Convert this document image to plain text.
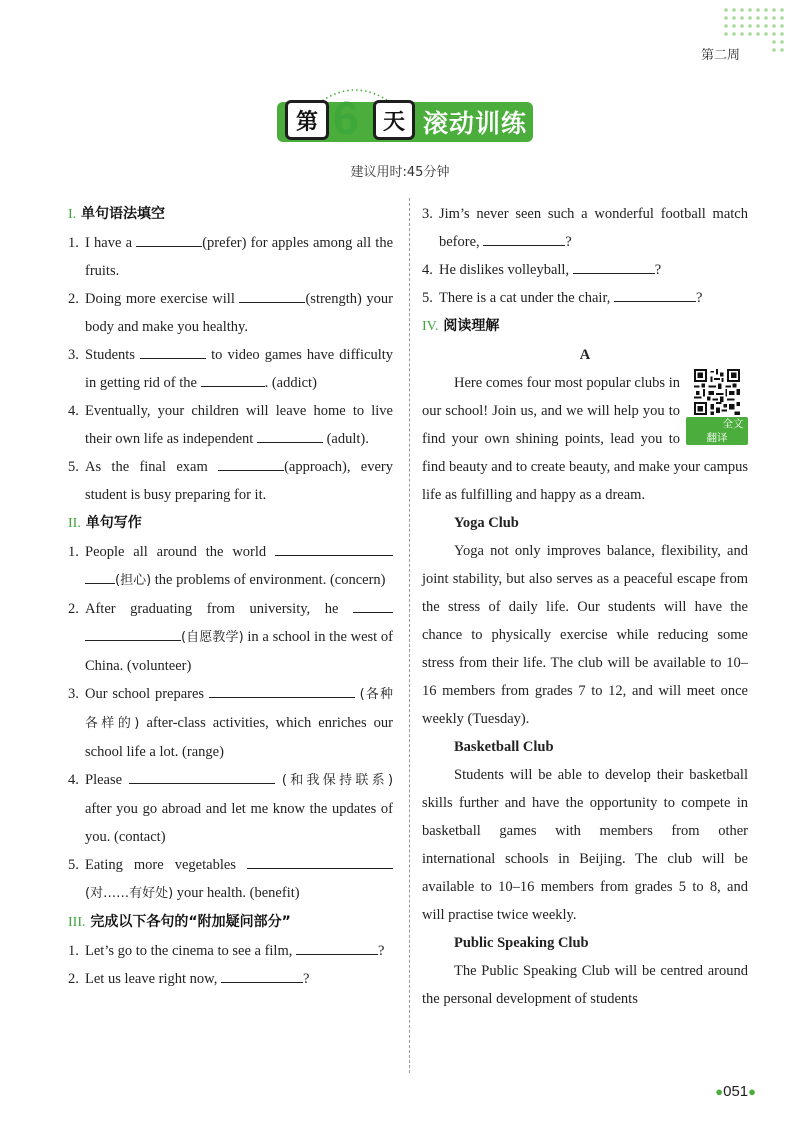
第二周
第 6	天 滚动训练
建议用时:45分钟
I. 单句语法填空
1. I have a	(prefer) for apples among all the fruits.
2. Doing more exercise will	(strength) your body and make you healthy.
3. Students	to video games have difficulty in getting rid of the	. (addict)
4. Eventually, your children will leave home to live their own life as independent	(adult).
5. As the final exam	(approach), every student is busy preparing for it.
II. 单句写作
1. People all around the world  (担心) the problems of environment. (concern)
2. After graduating from university, he  (自愿教学) in a school in the west of China. (volunteer)
3. Our school prepares	(各种各样的) after-class activities, which enriches our school life a lot. (range)
4. Please	(和我保持联系) after you go abroad and let me know the updates of you. (contact)
5. Eating more vegetables  (对……有好处) your health. (benefit)
III. 完成以下各句的“附加疑问部分”
1. Let’s go to the cinema to see a film,	?
2. Let us leave right now,	?
3. Jim’s never seen such a wonderful football match before,	?
4. He dislikes volleyball,	?
5. There is a cat under the chair,	?
IV. 阅读理解
A
全文翻译
Here comes four most popular clubs in our school! Join us, and we will help you to find your own shining points, lead you to find beauty and to create beauty, and make your campus life as fulfilling and happy as a dream.
Yoga Club
Yoga not only improves balance, flexibility, and joint stability, but also serves as a peaceful escape from the stress of daily life. Our students will have the chance to physically exercise while reducing some stress from their life. The club will be available to 10–16 members from grades 7 to 12, and will meet once weekly (Tuesday).
Basketball Club
Students will be able to develop their basketball skills further and have the opportunity to compete in basketball games with members from other international schools in Beijing. The club will be available to 10–16 members from grades 5 to 8, and will practise twice weekly.
Public Speaking Club
The Public Speaking Club will be centred around the personal development of students
●051●
